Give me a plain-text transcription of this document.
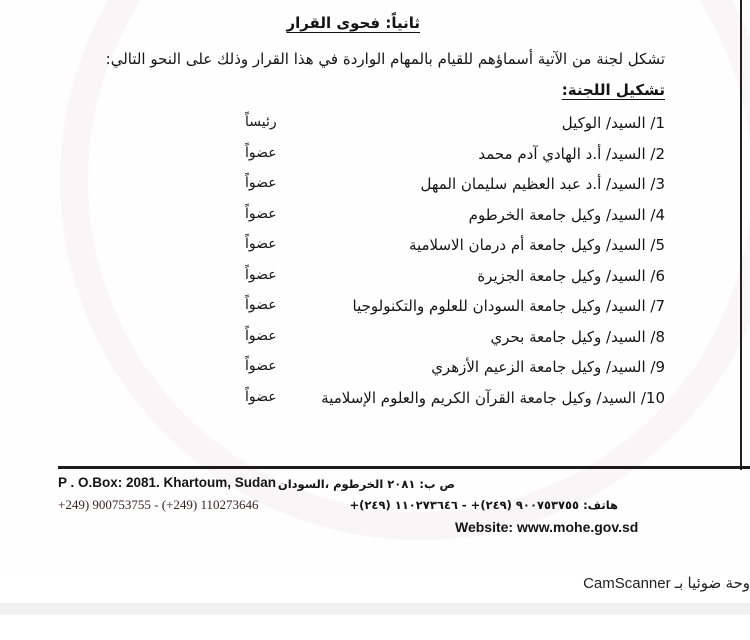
ثانياً: فحوى القرار
تشكل لجنة من الآتية أسماؤهم للقيام بالمهام الواردة في هذا القرار وذلك على النحو التالي:
تشكيل اللجنة:
1/ السيد/ الوكيل
رئيساً
2/ السيد/ أ.د الهادي آدم محمد
عضواً
3/ السيد/ أ.د عبد العظيم سليمان المهل
عضواً
4/ السيد/ وكيل جامعة الخرطوم
عضواً
5/ السيد/ وكيل جامعة أم درمان الاسلامية
عضواً
6/ السيد/ وكيل جامعة الجزيرة
عضواً
7/ السيد/ وكيل جامعة السودان للعلوم والتكنولوجيا
عضواً
8/ السيد/ وكيل جامعة بحري
عضواً
9/ السيد/ وكيل جامعة الزعيم الأزهري
عضواً
10/ السيد/ وكيل جامعة القرآن الكريم والعلوم الإسلامية
عضواً
P . O.Box: 2081. Khartoum, Sudan
+249) 900753755 - (+249) 110273646
ص ب: ٢٠٨١ الخرطوم ،السودان
هاتف: ٩٠٠٧٥٣٧٥٥ (٢٤٩)+ - ١١٠٢٧٣٦٤٦ (٢٤٩)+
Website: www.mohe.gov.sd
وحة ضوئيا بـ CamScanner
